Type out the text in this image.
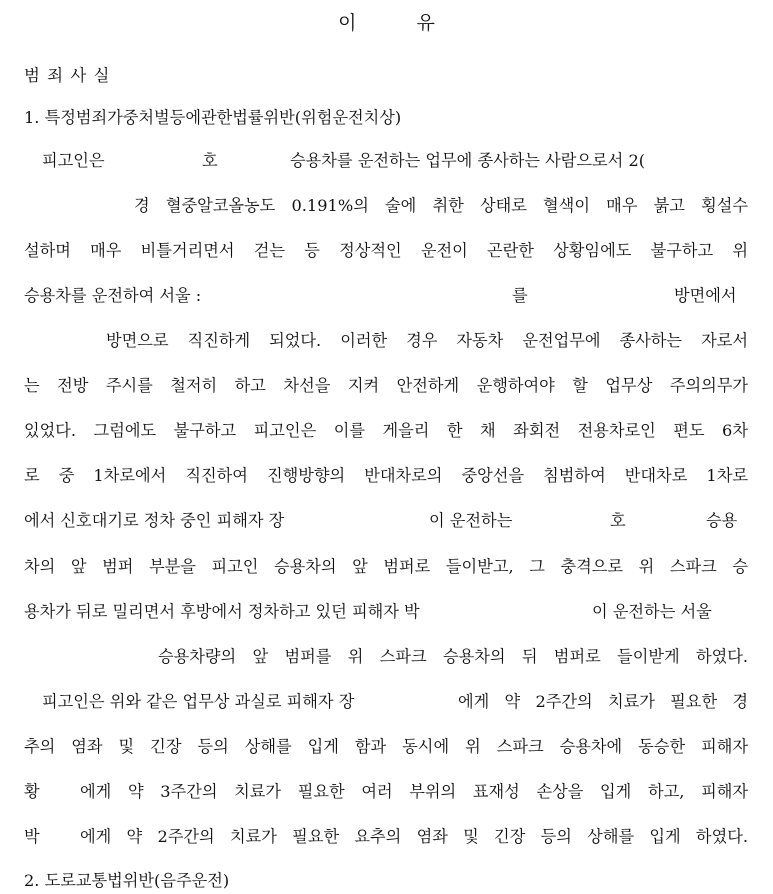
이	유
범 죄 사 실
1. 특정범죄가중처벌등에관한법률위반(위험운전치상)
피고인은	호	승용차를 운전하는 업무에 종사하는 사람으로서 2(
경 혈중알코올농도 0.191%의 술에 취한 상태로 혈색이 매우 붉고 횡설수
설하며 매우 비틀거리면서 걷는 등 정상적인 운전이 곤란한 상황임에도 불구하고 위
승용차를 운전하여 서울 :	를	방면에서
방면으로 직진하게 되었다. 이러한 경우 자동차 운전업무에 종사하는 자로서
는 전방 주시를 철저히 하고 차선을 지켜 안전하게 운행하여야 할 업무상 주의의무가
있었다. 그럼에도 불구하고 피고인은 이를 게을리 한 채 좌회전 전용차로인 편도 6차
로 중 1차로에서 직진하여 진행방향의 반대차로의 중앙선을 침범하여 반대차로 1차로
에서 신호대기로 정차 중인 피해자 장	이 운전하는	호	승용
차의 앞 범퍼 부분을 피고인 승용차의 앞 범퍼로 들이받고, 그 충격으로 위 스파크 승
용차가 뒤로 밀리면서 후방에서 정차하고 있던 피해자 박	이 운전하는 서울
승용차량의 앞 범퍼를 위 스파크 승용차의 뒤 범퍼로 들이받게 하였다.
피고인은 위와 같은 업무상 과실로 피해자 장	에게 약 2주간의 치료가 필요한 경
추의 염좌 및 긴장 등의 상해를 입게 함과 동시에 위 스파크 승용차에 동승한 피해자
황 에게 약 3주간의 치료가 필요한 여러 부위의 표재성 손상을 입게 하고, 피해자
박 에게 약 2주간의 치료가 필요한 요추의 염좌 및 긴장 등의 상해를 입게 하였다.
2. 도로교통법위반(음주운전)
